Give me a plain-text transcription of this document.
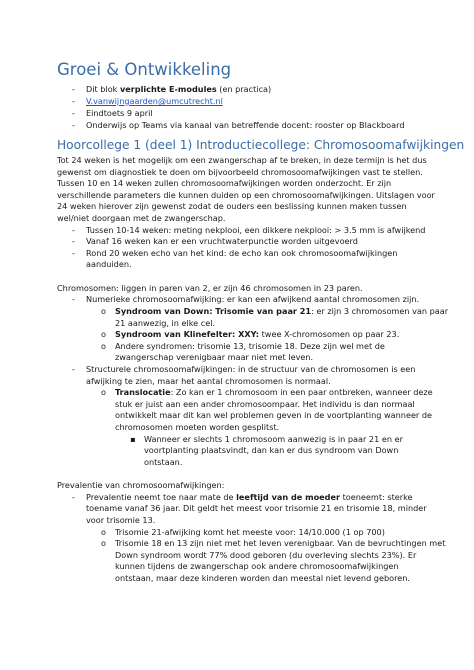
Groei & Ontwikkeling
- Dit blok verplichte E-modules (en practica)
- V.vanwijngaarden@umcutrecht.nl
- Eindtoets 9 april
- Onderwijs op Teams via kanaal van betreffende docent: rooster op Blackboard
Hoorcollege 1 (deel 1) Introductiecollege: Chromosoomafwijkingen
Tot 24 weken is het mogelijk om een zwangerschap af te breken, in deze termijn is het dus
gewenst om diagnostiek te doen om bijvoorbeeld chromosoomafwijkingen vast te stellen.
Tussen 10 en 14 weken zullen chromosoomafwijkingen worden onderzocht. Er zijn
verschillende parameters die kunnen duiden op een chromosoomafwijkingen. Uitslagen voor
24 weken hierover zijn gewenst zodat de ouders een beslissing kunnen maken tussen
wel/niet doorgaan met de zwangerschap.
- Tussen 10-14 weken: meting nekplooi, een dikkere nekplooi: > 3.5 mm is afwijkend
- Vanaf 16 weken kan er een vruchtwaterpunctie worden uitgevoerd
- Rond 20 weken echo van het kind: de echo kan ook chromosoomafwijkingen
aanduiden.
Chromosomen: liggen in paren van 2, er zijn 46 chromosomen in 23 paren.
- Numerieke chromosoomafwijking: er kan een afwijkend aantal chromosomen zijn.
o Syndroom van Down: Trisomie van paar 21: er zijn 3 chromosomen van paar
21 aanwezig, in elke cel.
o Syndroom van Klinefelter: XXY: twee X-chromosomen op paar 23.
o Andere syndromen: trisomie 13, trisomie 18. Deze zijn wel met de
zwangerschap verenigbaar maar niet met leven.
- Structurele chromosoomafwijkingen: in de structuur van de chromosomen is een
afwijking te zien, maar het aantal chromosomen is normaal.
o Translocatie: Zo kan er 1 chromosoom in een paar ontbreken, wanneer deze
stuk er juist aan een ander chromosoompaar. Het individu is dan normaal
ontwikkelt maar dit kan wel problemen geven in de voortplanting wanneer de
chromosomen moeten worden gesplitst.
▪ Wanneer er slechts 1 chromosoom aanwezig is in paar 21 en er
voortplanting plaatsvindt, dan kan er dus syndroom van Down
ontstaan.
Prevalentie van chromosoomafwijkingen:
- Prevalentie neemt toe naar mate de leeftijd van de moeder toeneemt: sterke
toename vanaf 36 jaar. Dit geldt het meest voor trisomie 21 en trisomie 18, minder
voor trisomie 13.
o Trisomie 21-afwijking komt het meeste voor: 14/10.000 (1 op 700)
o Trisomie 18 en 13 zijn niet met het leven verenigbaar. Van de bevruchtingen met
Down syndroom wordt 77% dood geboren (du overleving slechts 23%). Er
kunnen tijdens de zwangerschap ook andere chromosoomafwijkingen
ontstaan, maar deze kinderen worden dan meestal niet levend geboren.
